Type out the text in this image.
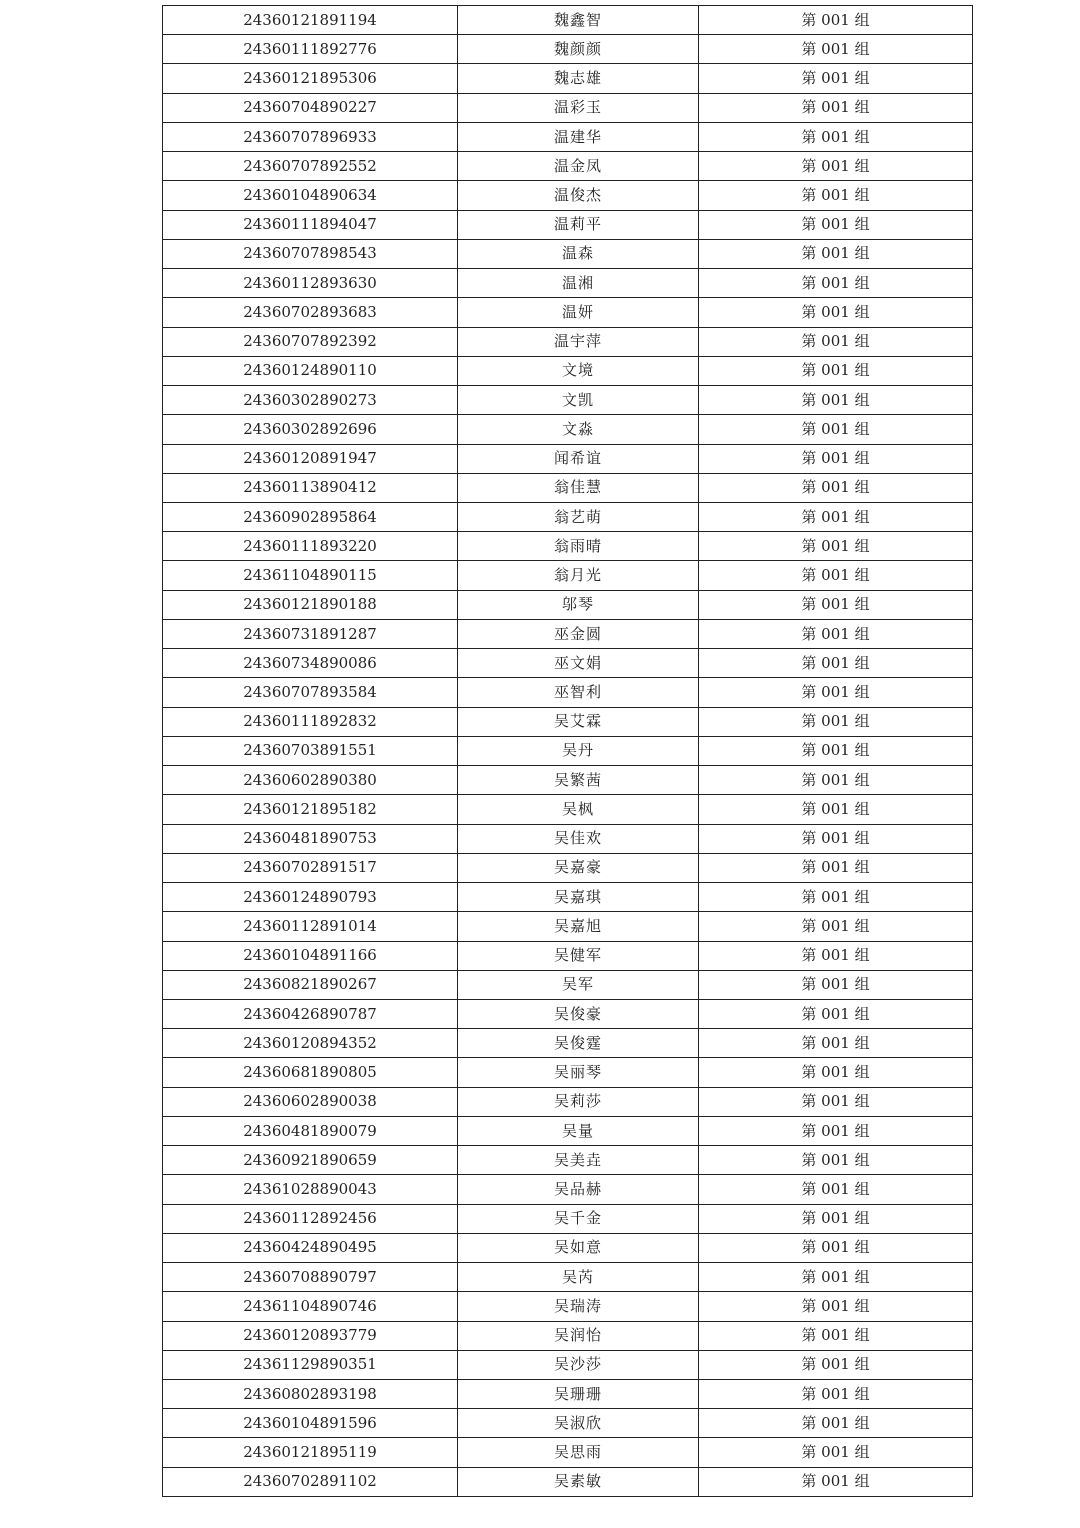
24360121891194	魏鑫智	第 001 组
24360111892776	魏颜颜	第 001 组
24360121895306	魏志雄	第 001 组
24360704890227	温彩玉	第 001 组
24360707896933	温建华	第 001 组
24360707892552	温金凤	第 001 组
24360104890634	温俊杰	第 001 组
24360111894047	温莉平	第 001 组
24360707898543	温森	第 001 组
24360112893630	温湘	第 001 组
24360702893683	温妍	第 001 组
24360707892392	温宇萍	第 001 组
24360124890110	文境	第 001 组
24360302890273	文凯	第 001 组
24360302892696	文淼	第 001 组
24360120891947	闻希谊	第 001 组
24360113890412	翁佳慧	第 001 组
24360902895864	翁艺萌	第 001 组
24360111893220	翁雨晴	第 001 组
24361104890115	翁月光	第 001 组
24360121890188	邬琴	第 001 组
24360731891287	巫金圆	第 001 组
24360734890086	巫文娟	第 001 组
24360707893584	巫智利	第 001 组
24360111892832	吴艾霖	第 001 组
24360703891551	吴丹	第 001 组
24360602890380	吴繁茜	第 001 组
24360121895182	吴枫	第 001 组
24360481890753	吴佳欢	第 001 组
24360702891517	吴嘉豪	第 001 组
24360124890793	吴嘉琪	第 001 组
24360112891014	吴嘉旭	第 001 组
24360104891166	吴健军	第 001 组
24360821890267	吴军	第 001 组
24360426890787	吴俊豪	第 001 组
24360120894352	吴俊霆	第 001 组
24360681890805	吴丽琴	第 001 组
24360602890038	吴莉莎	第 001 组
24360481890079	吴量	第 001 组
24360921890659	吴美垚	第 001 组
24361028890043	吴品赫	第 001 组
24360112892456	吴千金	第 001 组
24360424890495	吴如意	第 001 组
24360708890797	吴芮	第 001 组
24361104890746	吴瑞涛	第 001 组
24360120893779	吴润怡	第 001 组
24361129890351	吴沙莎	第 001 组
24360802893198	吴珊珊	第 001 组
24360104891596	吴淑欣	第 001 组
24360121895119	吴思雨	第 001 组
24360702891102	吴素敏	第 001 组
